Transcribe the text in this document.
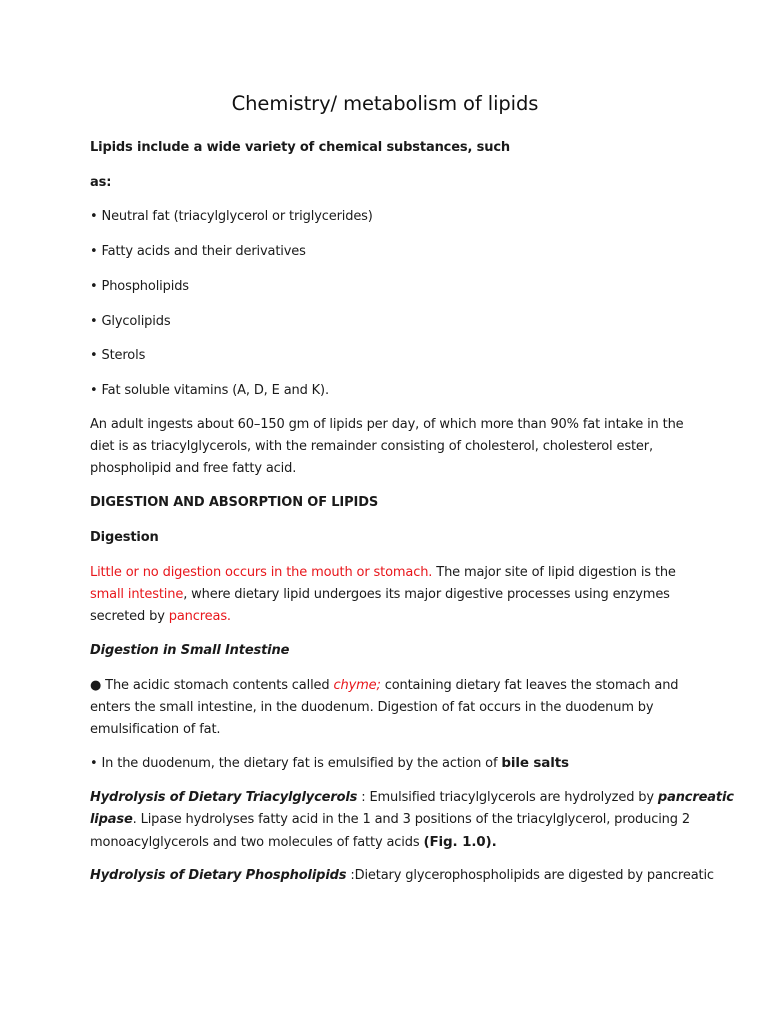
Chemistry/ metabolism of lipids
Lipids include a wide variety of chemical substances, such
as:
• Neutral fat (triacylglycerol or triglycerides)
• Fatty acids and their derivatives
• Phospholipids
• Glycolipids
• Sterols
• Fat soluble vitamins (A, D, E and K).
An adult ingests about 60–150 gm of lipids per day, of which more than 90% fat intake in the
diet is as triacylglycerols, with the remainder consisting of cholesterol, cholesterol ester,
phospholipid and free fatty acid.
DIGESTION AND ABSORPTION OF LIPIDS
Digestion
Little or no digestion occurs in the mouth or stomach. The major site of lipid digestion is the
small intestine, where dietary lipid undergoes its major digestive processes using enzymes
secreted by pancreas.
Digestion in Small Intestine
● The acidic stomach contents called chyme; containing dietary fat leaves the stomach and
enters the small intestine, in the duodenum. Digestion of fat occurs in the duodenum by
emulsification of fat.
• In the duodenum, the dietary fat is emulsified by the action of bile salts
Hydrolysis of Dietary Triacylglycerols : Emulsified triacylglycerols are hydrolyzed by pancreatic
lipase. Lipase hydrolyses fatty acid in the 1 and 3 positions of the triacylglycerol, producing 2
monoacylglycerols and two molecules of fatty acids (Fig. 1.0).
Hydrolysis of Dietary Phospholipids :Dietary glycerophospholipids are digested by pancreatic
